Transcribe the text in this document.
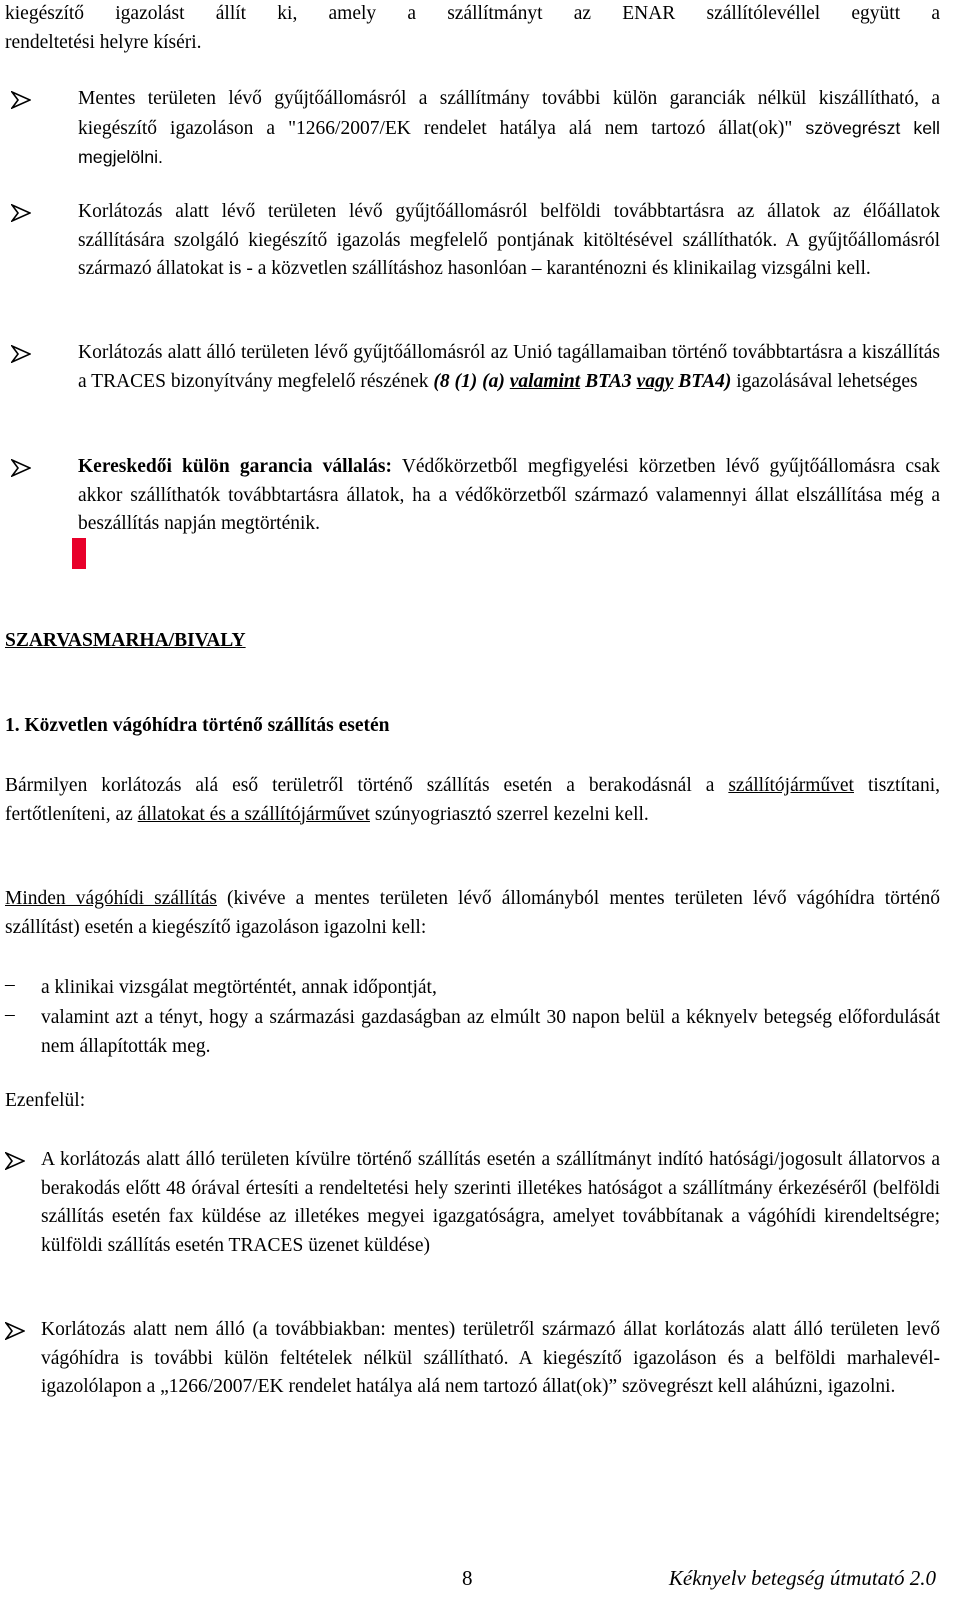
kiegészítő igazolást állít ki, amely a szállítmányt az ENAR szállítólevéllel együtt a

rendeltetési helyre kíséri.

Mentes területen lévő gyűjtőállomásról a szállítmány további külön garanciák nélkül kiszállítható, a kiegészítő igazoláson a "1266/2007/EK rendelet hatálya alá nem tartozó állat(ok)" szövegrészt kell megjelölni.

Korlátozás alatt lévő területen lévő gyűjtőállomásról belföldi továbbtartásra az állatok az élőállatok szállítására szolgáló kiegészítő igazolás megfelelő pontjának kitöltésével szállíthatók. A gyűjtőállomásról származó állatokat is - a közvetlen szállításhoz hasonlóan – karanténozni és klinikailag vizsgálni kell.

Korlátozás alatt álló területen lévő gyűjtőállomásról az Unió tagállamaiban történő továbbtartásra a kiszállítás a TRACES bizonyítvány megfelelő részének (8 (1) (a) valamint BTA3 vagy BTA4) igazolásával lehetséges

Kereskedői külön garancia vállalás: Védőkörzetből megfigyelési körzetben lévő gyűjtőállomásra csak akkor szállíthatók továbbtartásra állatok, ha a védőkörzetből származó valamennyi állat elszállítása még a beszállítás napján megtörténik.

SZARVASMARHA/BIVALY
1. Közvetlen vágóhídra történő szállítás esetén

Bármilyen korlátozás alá eső területről történő szállítás esetén a berakodásnál a szállítójárművet tisztítani, fertőtleníteni, az állatokat és a szállítójárművet szúnyogriasztó szerrel kezelni kell.

Minden vágóhídi szállítás (kivéve a mentes területen lévő állományból mentes területen lévő vágóhídra történő szállítást) esetén a kiegészítő igazoláson igazolni kell:

– a klinikai vizsgálat megtörténtét, annak időpontját,

– valamint azt a tényt, hogy a származási gazdaságban az elmúlt 30 napon belül a kéknyelv betegség előfordulását nem állapították meg.

Ezenfelül:

A korlátozás alatt álló területen kívülre történő szállítás esetén a szállítmányt indító hatósági/jogosult állatorvos a berakodás előtt 48 órával értesíti a rendeltetési hely szerinti illetékes hatóságot a szállítmány érkezéséről (belföldi szállítás esetén fax küldése az illetékes megyei igazgatóságra, amelyet továbbítanak a vágóhídi kirendeltségre; külföldi szállítás esetén TRACES üzenet küldése)

Korlátozás alatt nem álló (a továbbiakban: mentes) területről származó állat korlátozás alatt álló területen levő vágóhídra is további külön feltételek nélkül szállítható. A kiegészítő igazoláson és a belföldi marhalevél-igazolólapon a „1266/2007/EK rendelet hatálya alá nem tartozó állat(ok)” szövegrészt kell aláhúzni, igazolni.

8	Kéknyelv betegség útmutató 2.0
